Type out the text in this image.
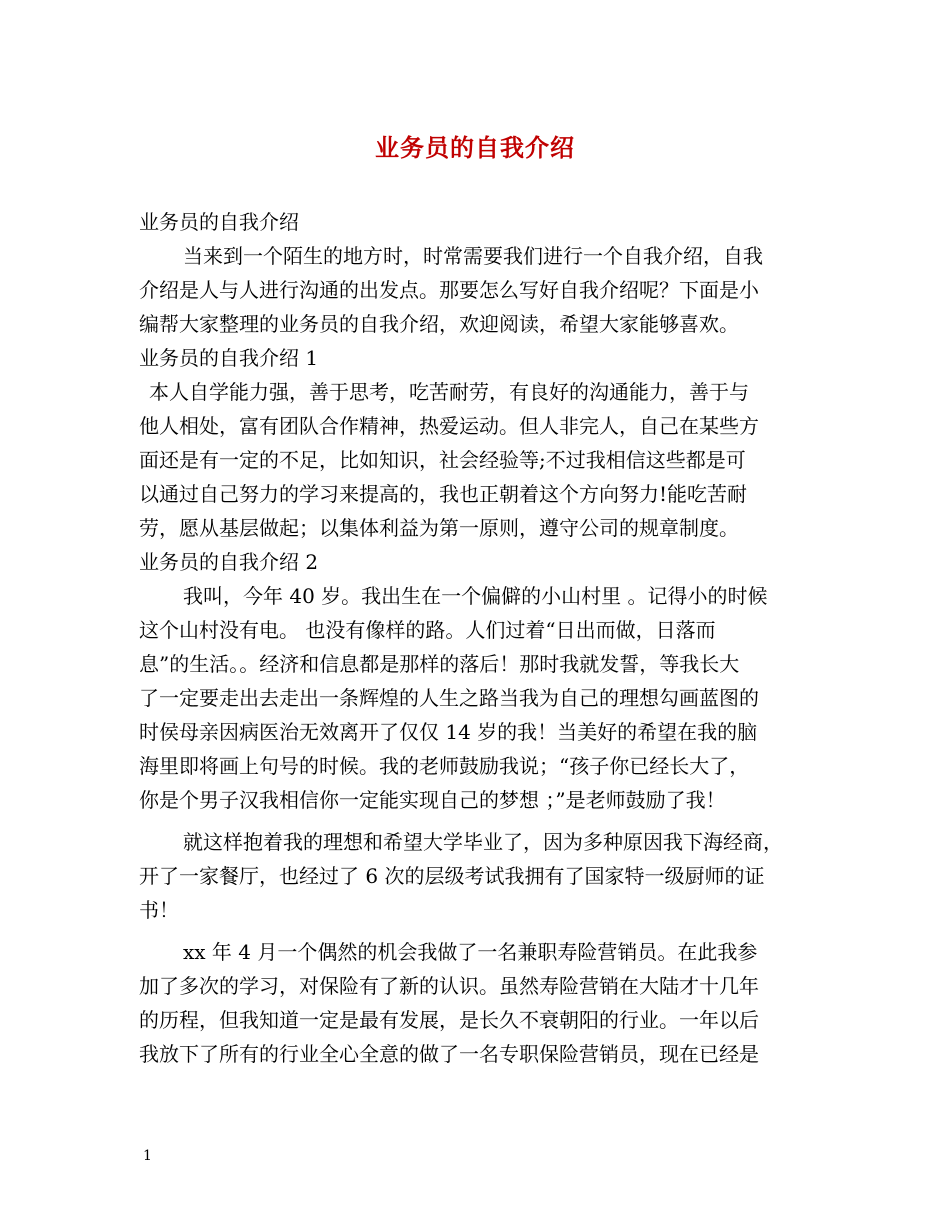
业务员的自我介绍
业务员的自我介绍
当来到一个陌生的地方时，时常需要我们进行一个自我介绍，自我
介绍是人与人进行沟通的出发点。那要怎么写好自我介绍呢？下面是小
编帮大家整理的业务员的自我介绍，欢迎阅读，希望大家能够喜欢。
业务员的自我介绍 1
本人自学能力强，善于思考，吃苦耐劳，有良好的沟通能力，善于与
他人相处，富有团队合作精神，热爱运动。但人非完人，自己在某些方
面还是有一定的不足，比如知识，社会经验等;不过我相信这些都是可
以通过自己努力的学习来提高的，我也正朝着这个方向努力!能吃苦耐
劳，愿从基层做起；以集体利益为第一原则，遵守公司的规章制度。
业务员的自我介绍 2
我叫，今年 40 岁。我出生在一个偏僻的小山村里 。记得小的时候
这个山村没有电。 也没有像样的路。人们过着“日出而做，日落而
息”的生活。。经济和信息都是那样的落后！那时我就发誓，等我长大
了一定要走出去走出一条辉煌的人生之路当我为自己的理想勾画蓝图的
时侯母亲因病医治无效离开了仅仅 14 岁的我！当美好的希望在我的脑
海里即将画上句号的时候。我的老师鼓励我说；“孩子你已经长大了，
你是个男子汉我相信你一定能实现自己的梦想 ；”是老师鼓励了我！
就这样抱着我的理想和希望大学毕业了，因为多种原因我下海经商，
开了一家餐厅，也经过了 6 次的层级考试我拥有了国家特一级厨师的证
书！
xx 年 4 月一个偶然的机会我做了一名兼职寿险营销员。在此我参
加了多次的学习，对保险有了新的认识。虽然寿险营销在大陆才十几年
的历程，但我知道一定是最有发展，是长久不衰朝阳的行业。一年以后
我放下了所有的行业全心全意的做了一名专职保险营销员，现在已经是
1
